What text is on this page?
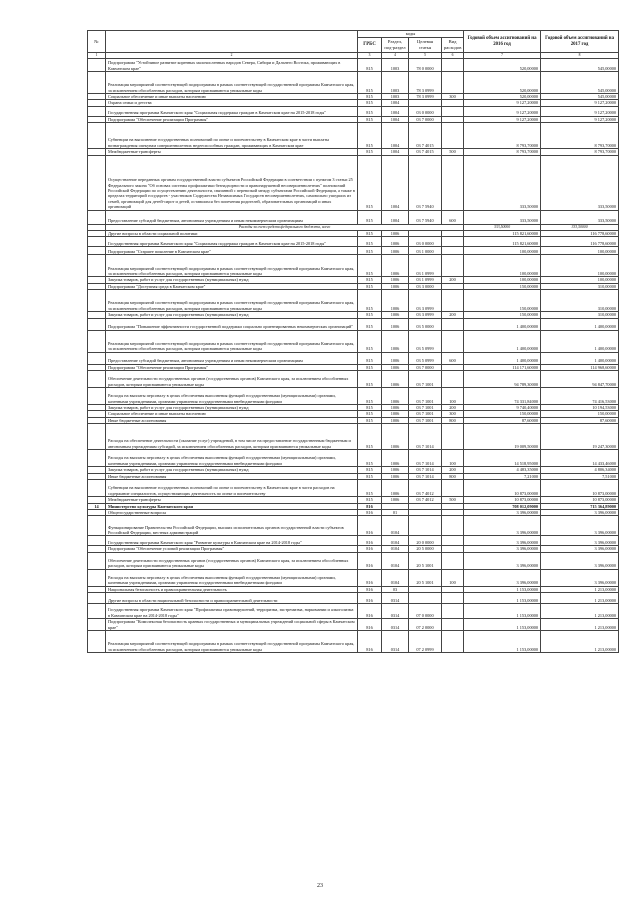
№		коды				Годовой объем ассигнований на 2016 год	Годовой объем ассигнований на 2017 год
		ГРБС	Раздел, под-раздел	Целевая статья	Вид расходов		
1	2	3	4	5	6	7	8
	Подпрограмма "Устойчивое развитие коренных малочисленных народов Севера, Сибири и Дальнего Востока, проживающих в Камчатском крае"	815	1003	78 0 0000		520,00000	545,00000
	Реализация мероприятий соответствующей подпрограммы в рамках соответствующей государственной программы Камчатского края, за исключением обособленных расходов, которым присваиваются уникальные коды	815	1003	78 3 0999		520,00000	545,00000
	Социальное обеспечение и иные выплаты населению	815	1003	78 3 0999	300	520,00000	545,00000
	Охрана семьи и детства	815	1004			9 127,20000	9 127,20000
	Государственная программа Камчатского края "Социальная поддержка граждан в Камчатском крае на 2015-2018 годы"	815	1004	03 0 0000		9 127,20000	9 127,20000
	Подпрограмма "Обеспечение реализации Программы"	815	1004	03 7 0000		9 127,20000	9 127,20000
	Субвенции на выполнение государственных полномочий по опеке и попечительству в Камчатском крае в части выплаты вознаграждения опекунам совершеннолетних недееспособных граждан, проживающих в Камчатском крае	815	1004	03 7 4015		8 793,70000	8 793,70000
	Межбюджетные трансферты	815	1004	03 7 4015	500	8 793,70000	8 793,70000
	Осуществление переданных органам государственной власти субъектов Российской Федерации в соответствии с пунктом 3 статьи 25 Федерального закона "Об основах системы профилактики безнадзорности и правонарушений несовершеннолетних" полномочий Российской Федерации по осуществлению деятельности, связанной с перевозкой между субъектами Российской Федерации, а также в пределах территорий государств - участников Содружества Независимых Государств несовершеннолетних, самовольно ушедших из семей, организаций для детей-сирот и детей, оставшихся без попечения родителей, образовательных организаций и иных организаций	815	1004	03 7 5940		333,50000	333,50000
	Предоставление субсидий бюджетным, автономным учреждениям и иным некоммерческим организациям	815	1004	03 7 5940	600	333,50000	333,50000
	Расходы за счет средств федерального бюджета, всего					333,50000	333,50000
	Другие вопросы в области социальной политики	815	1006			115 821,60000	116 778,60000
	Государственная программа Камчатского края "Социальная поддержка граждан в Камчатском крае на 2015-2018 годы"	815	1006	03 0 0000		115 821,60000	116 778,60000
	Подпрограмма "Старшее поколение в Камчатском крае"	815	1006	03 1 0000		100,00000	100,00000
	Реализация мероприятий соответствующей подпрограммы в рамках соответствующей государственной программы Камчатского края, за исключением обособленных расходов, которым присваиваются уникальные коды	815	1006	03 1 0999		100,00000	100,00000
	Закупка товаров, работ и услуг для государственных (муниципальных) нужд	815	1006	03 1 0999	200	100,00000	100,00000
	Подпрограмма "Доступная среда в Камчатском крае"	815	1006	03 3 0000		150,00000	310,00000
	Реализация мероприятий соответствующей подпрограммы в рамках соответствующей государственной программы Камчатского края, за исключением обособленных расходов, которым присваиваются уникальные коды	815	1006	03 3 0999		150,00000	310,00000
	Закупка товаров, работ и услуг для государственных (муниципальных) нужд	815	1006	03 3 0999	200	150,00000	310,00000
	Подпрограмма "Повышение эффективности государственной поддержки социально ориентированных некоммерческих организаций"	815	1006	03 5 0000		1 400,00000	1 400,00000
	Реализация мероприятий соответствующей подпрограммы в рамках соответствующей государственной программы Камчатского края, за исключением обособленных расходов, которым присваиваются уникальные коды	815	1006	03 5 0999		1 400,00000	1 400,00000
	Предоставление субсидий бюджетным, автономным учреждениям и иным некоммерческим организациям	815	1006	03 5 0999	600	1 400,00000	1 400,00000
	Подпрограмма "Обеспечение реализации Программы"	815	1006	03 7 0000		114 171,60000	114 968,60000
	Обеспечение деятельности государственных органов (государственных органов) Камчатского края, за исключением обособленных расходов, которым присваиваются уникальные коды	815	1006	03 7 1001		94 789,30000	94 847,70000
	Расходы на выплаты персоналу в целях обеспечения выполнения функций государственными (муниципальными) органами, казенными учреждениями, органами управления государственными внебюджетными фондами	815	1006	03 7 1001	100	74 331,84000	74 416,53000
	Закупка товаров, работ и услуг для государственных (муниципальных) нужд	815	1006	03 7 1001	200	9 740,40000	10 194,53000
	Социальное обеспечение и иные выплаты населению	815	1006	03 7 1001	300	150,00000	150,00000
	Иные бюджетные ассигнования	815	1006	03 7 1001	800	87,60000	87,60000
	Расходы на обеспечение деятельности (оказание услуг) учреждений, в том числе на предоставление государственным бюджетным и автономным учреждениям субсидий, за исключением обособленных расходов, которым присваиваются уникальные коды	815	1006	03 7 1014		19 009,50000	19 247,30000
	Расходы на выплаты персоналу в целях обеспечения выполнения функций государственными (муниципальными) органами, казенными учреждениями, органами управления государственными внебюджетными фондами	815	1006	03 7 1014	100	14 518,95000	14 433,46000
	Закупка товаров, работ и услуг для государственных (муниципальных) нужд	815	1006	03 7 1014	200	4 483,35000	4 806,34000
	Иные бюджетные ассигнования	815	1006	03 7 1014	800	7,21000	7,51000
	Субвенции на выполнение государственных полномочий по опеке и попечительству в Камчатском крае в части расходов на содержание специалистов, осуществляющих деятельность по опеке и попечительству	815	1006	03 7 4012		10 873,00000	10 873,00000
	Межбюджетные трансферты	815	1006	03 7 4012	500	10 873,00000	10 873,00000
14	Министерство культуры Камчатского края	816				708 012,09000	715 364,89000
	Общегосударственные вопросы	816	01			3 396,00000	3 396,00000
	Функционирование Правительства Российской Федерации, высших исполнительных органов государственной власти субъектов Российской Федерации, местных администраций	816	0104			3 396,00000	3 396,00000
	Государственная программа Камчатского края "Развитие культуры в Камчатском крае на 2014-2018 годы"	816	0104	20 0 0000		3 396,00000	3 396,00000
	Подпрограмма "Обеспечение условий реализации Программы"	816	0104	20 5 0000		3 396,00000	3 396,00000
	Обеспечение деятельности государственных органов (государственных органов) Камчатского края, за исключением обособленных расходов, которым присваиваются уникальные коды	816	0104	20 5 1001		3 396,00000	3 396,00000
	Расходы на выплаты персоналу в целях обеспечения выполнения функций государственными (муниципальными) органами, казенными учреждениями, органами управления государственными внебюджетными фондами	816	0104	20 5 1001	100	3 396,00000	3 396,00000
	Национальная безопасность и правоохранительная деятельность	816	03			1 153,00000	1 213,00000
	Другие вопросы в области национальной безопасности и правоохранительной деятельности	816	0314			1 153,00000	1 213,00000
	Государственная программа Камчатского края "Профилактика правонарушений, терроризма, экстремизма, наркомании и алкоголизма в Камчатском крае на 2014-2018 годы"	816	0314	07 0 0000		1 153,00000	1 213,00000
	Подпрограмма "Комплексная безопасность краевых государственных и муниципальных учреждений социальной сферы в Камчатском крае"	816	0314	07 2 0000		1 153,00000	1 213,00000
	Реализация мероприятий соответствующей подпрограммы в рамках соответствующей государственной программы Камчатского края, за исключением обособленных расходов, которым присваиваются уникальные коды	816	0314	07 2 0999		1 153,00000	1 213,00000
23
